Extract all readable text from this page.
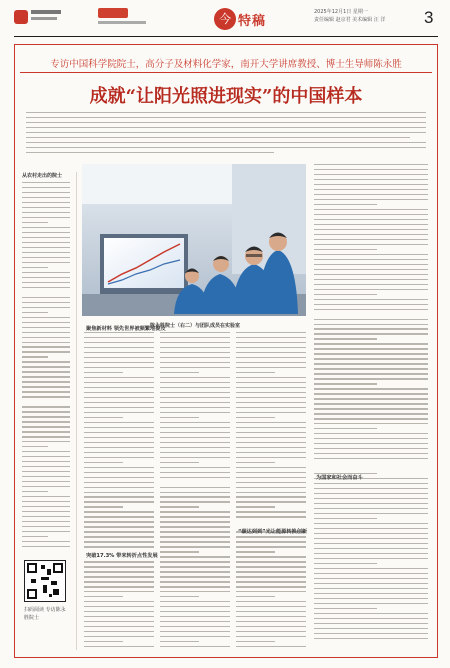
今 特稿
2025年12月1日 星期一
责任编辑 赵京君 美术编辑 汪 洋 3
专访中国科学院院士，高分子及材料化学家，南开大学讲席教授、博士生导师陈永胜
成就“让阳光照进现实”的中国样本
从农村走出的院士
扫码阅读 专访陈永胜院士
陈永胜院士（右二）与团队成员在实验室
聚焦新材料 领先世界被频繁地提及
突破17.3% 带来转折点性发展
“碳达到到”光让能源转换创新
为国家和社会而奋斗
